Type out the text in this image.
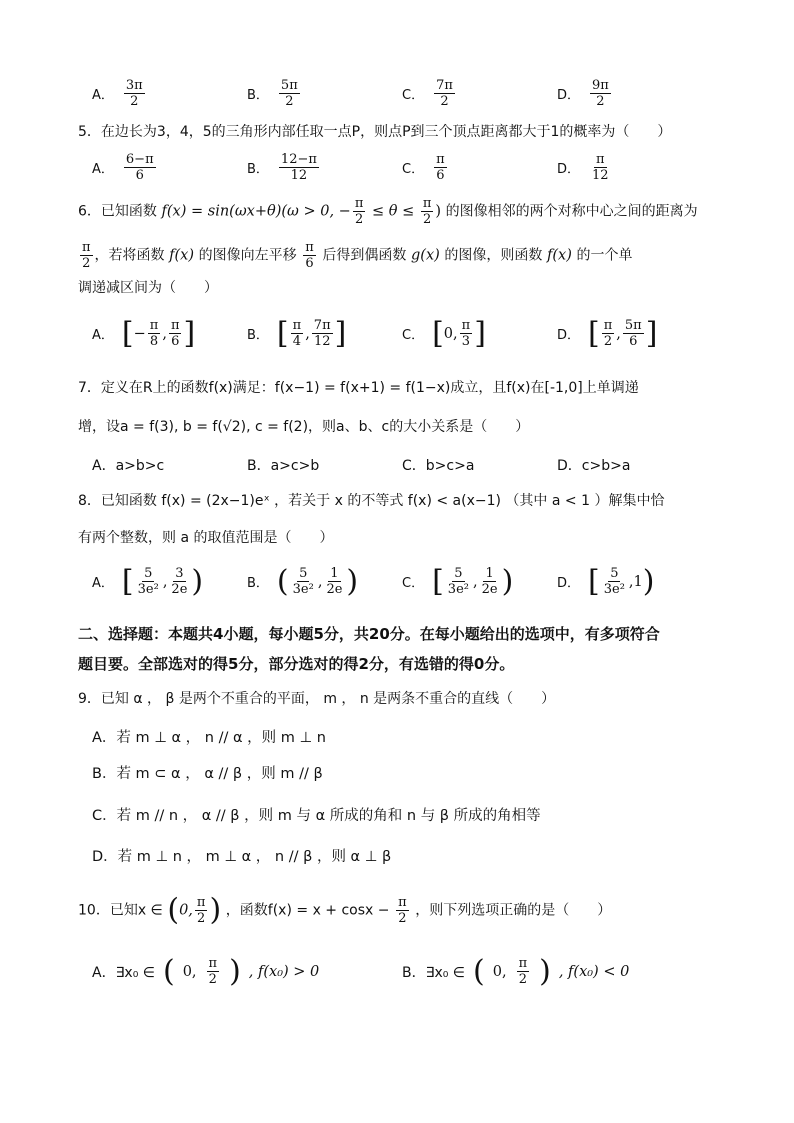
A． $\frac{3\pi}{2}$	B． $\frac{5\pi}{2}$	C． $\frac{7\pi}{2}$	D． $\frac{9\pi}{2}$
5．在边长为3，4，5的三角形内部任取一点P，则点P到三个顶点距离都大于1的概率为（　　）
A． $\frac{6-\pi}{6}$	B． $\frac{12-\pi}{12}$	C． $\frac{\pi}{6}$	D． $\frac{\pi}{12}$
6．已知函数 f(x) = sin(ωx+θ)(ω > 0, − $\frac{\pi}{2} \le \theta \le \frac{\pi}{2}$ ) 的图像相邻的两个对称中心之间的距离为
$\frac{\pi}{2}$ ，若将函数 f(x) 的图像向左平移 $\frac{\pi}{6}$ 后得到偶函数 g(x) 的图像，则函数 f(x) 的一个单
调递减区间为（　　）
A． [ − $\frac{\pi}{8}$ , $\frac{\pi}{6}$ ]	B． [ $\frac{\pi}{4}$ , $\frac{7\pi}{12}$ ]	C． [ 0 , $\frac{\pi}{3}$ ]	D． [ $\frac{\pi}{2}$ , $\frac{5\pi}{6}$ ]
7．定义在R上的函数f(x)满足：f(x−1) = f(x+1) = f(1−x)成立，且f(x)在[-1,0]上单调递
增，设a = f(3), b = f(√2), c = f(2)，则a、b、c的大小关系是（　　）
A．a>b>c	B．a>c>b	C．b>c>a	D．c>b>a
8．已知函数 f(x) = (2x−1)eˣ ，若关于 x 的不等式 f(x) < a(x−1) （其中 a < 1 ）解集中恰
有两个整数，则 a 的取值范围是（　　）
A． [ $\frac{5}{\text{3e²}}$ , $\frac{3}{2e}$ )	B． ( $\frac{5}{\text{3e²}}$ , $\frac{1}{2e}$ )	C． [ $\frac{5}{\text{3e²}}$ , $\frac{1}{2e}$ )	D． [ $\frac{5}{\text{3e²}}$ , 1 )
二、选择题：本题共4小题，每小题5分，共20分。在每小题给出的选项中，有多项符合
题目要。全部选对的得5分，部分选对的得2分，有选错的得0分。
9．已知 α ， β 是两个不重合的平面， m ， n 是两条不重合的直线（　　）
A．若 m ⊥ α ， n // α ，则 m ⊥ n
B．若 m ⊂ α ， α // β ，则 m // β
C．若 m // n ， α // β ，则 m 与 α 所成的角和 n 与 β 所成的角相等
D．若 m ⊥ n ， m ⊥ α ， n // β ，则 α ⊥ β
10．已知x ∈ (0, $\frac{\pi}{2}$ ) ，函数$f(x) = x + \cos x - \frac{\pi}{2}$ ，则下列选项正确的是（　　）
A．∃x₀ ∈ ( 0, $\frac{\pi}{2}$ ) , f(x₀) > 0	B．∃x₀ ∈ ( 0, $\frac{\pi}{2}$ ) , f(x₀) < 0
